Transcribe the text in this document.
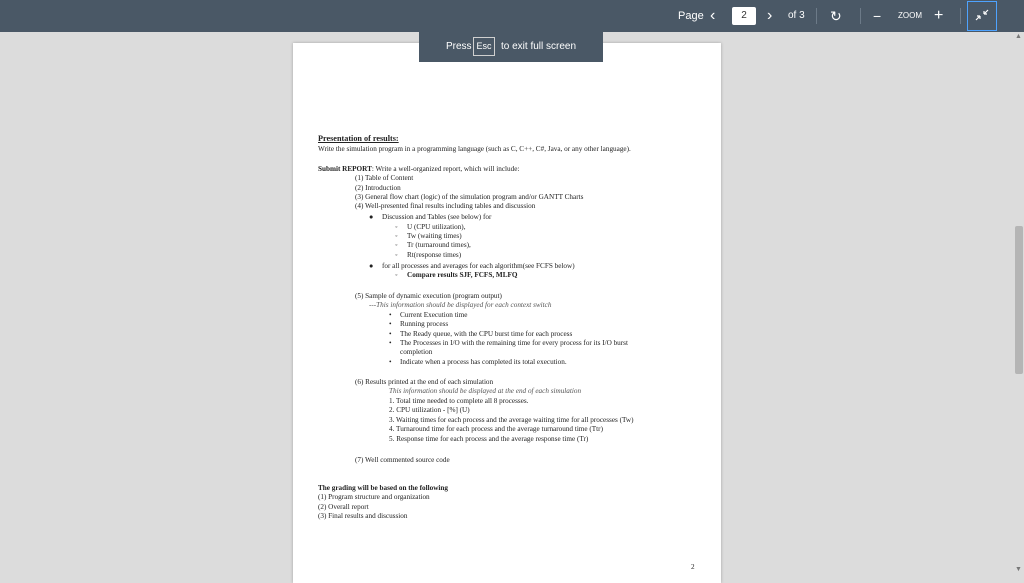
Page ‹	2	› of 3 ↻ − ZOOM +
▲
▼
Presentation of results:
Write the simulation program in a programming language (such as C, C++, C#, Java, or any other language).
Submit REPORT: Write a well-organized report, which will include:
(1) Table of Content
(2) Introduction
(3) General flow chart (logic) of the simulation program and/or GANTT Charts
(4) Well-presented final results including tables and discussion
● Discussion and Tables (see below) for
◦ U (CPU utilization),
◦ Tw (waiting times)
◦ Tr (turnaround times),
◦ Rt(response times)
● for all processes and averages for each algorithm(see FCFS below)
◦ Compare results SJF, FCFS, MLFQ
(5) Sample of dynamic execution (program output)
---This information should be displayed for each context switch
• Current Execution time
• Running process
• The Ready queue, with the CPU burst time for each process
• The Processes in I/O with the remaining time for every process for its I/O burst
completion
• Indicate when a process has completed its total execution.
(6) Results printed at the end of each simulation
This information should be displayed at the end of each simulation
1. Total time needed to complete all 8 processes.
2. CPU utilization - [%] (U)
3. Waiting times for each process and the average waiting time for all processes (Tw)
4. Turnaround time for each process and the average turnaround time (Ttr)
5. Response time for each process and the average response time (Tr)
(7) Well commented source code
The grading will be based on the following
(1) Program structure and organization
(2) Overall report
(3) Final results and discussion
2
Press Esc to exit full screen
